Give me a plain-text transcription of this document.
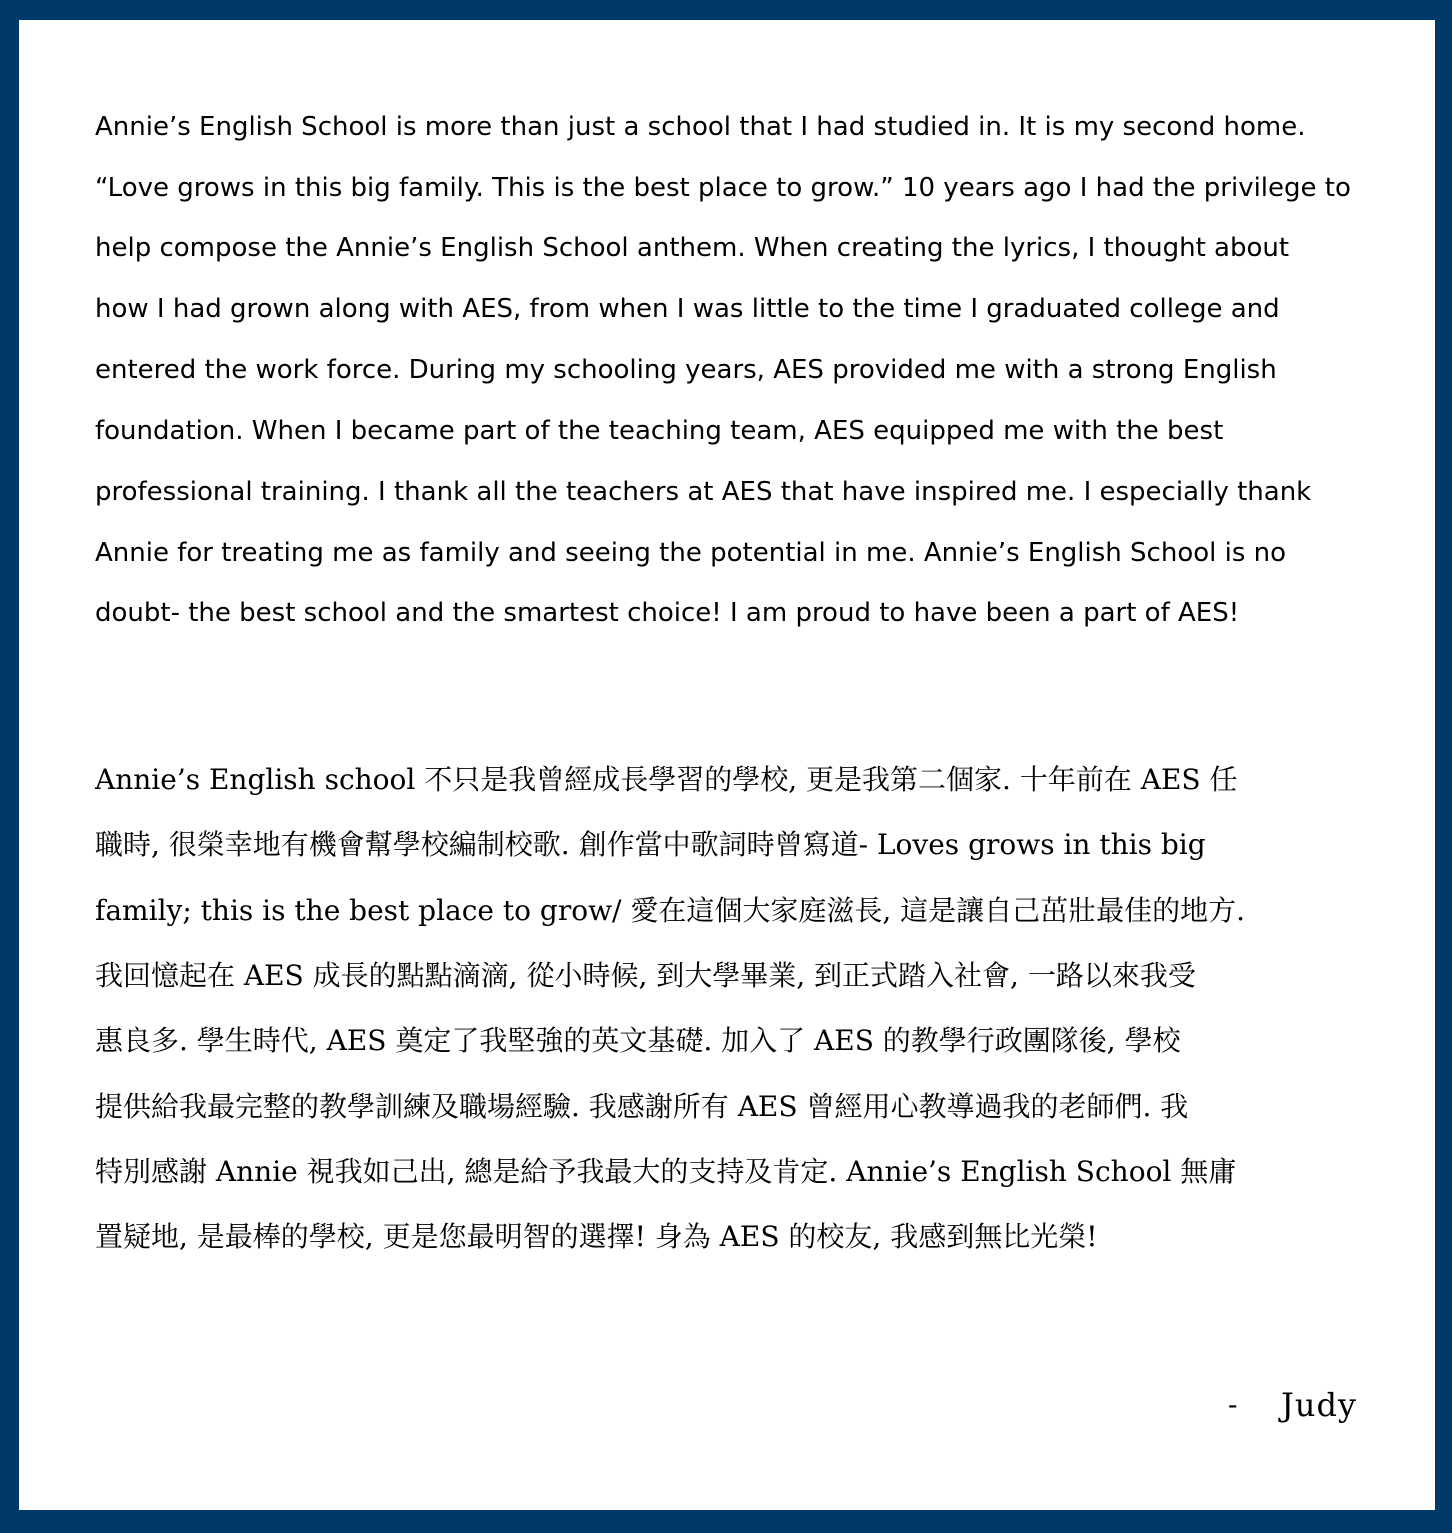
Annie’s English School is more than just a school that I had studied in. It is my second home.

“Love grows in this big family. This is the best place to grow.” 10 years ago I had the privilege to

help compose the Annie’s English School anthem. When creating the lyrics, I thought about

how I had grown along with AES, from when I was little to the time I graduated college and

entered the work force. During my schooling years, AES provided me with a strong English

foundation. When I became part of the teaching team, AES equipped me with the best

professional training. I thank all the teachers at AES that have inspired me. I especially thank

Annie for treating me as family and seeing the potential in me. Annie’s English School is no

doubt- the best school and the smartest choice! I am proud to have been a part of AES!

Annie’s English school 不只是我曾經成長學習的學校, 更是我第二個家. 十年前在 AES 任

職時, 很榮幸地有機會幫學校編制校歌. 創作當中歌詞時曾寫道- Loves grows in this big

family; this is the best place to grow/ 愛在這個大家庭滋長, 這是讓自己茁壯最佳的地方.

我回憶起在 AES 成長的點點滴滴, 從小時候, 到大學畢業, 到正式踏入社會, 一路以來我受

惠良多. 學生時代, AES 奠定了我堅強的英文基礎. 加入了 AES 的教學行政團隊後, 學校

提供給我最完整的教學訓練及職場經驗. 我感謝所有 AES 曾經用心教導過我的老師們. 我

特別感謝 Annie 視我如己出, 總是給予我最大的支持及肯定. Annie’s English School 無庸

置疑地, 是最棒的學校, 更是您最明智的選擇! 身為 AES 的校友, 我感到無比光榮!

- Judy
